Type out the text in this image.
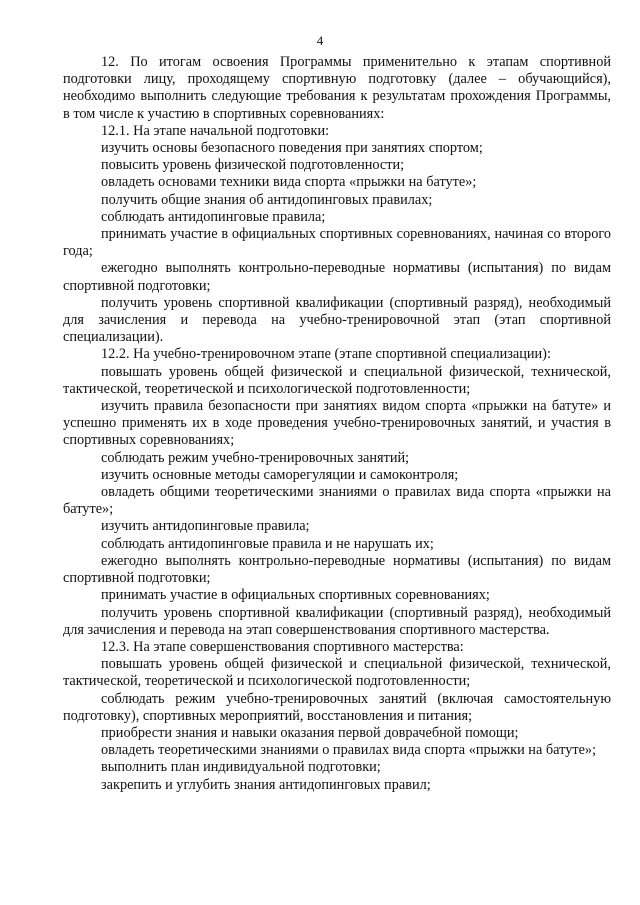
4

12. По итогам освоения Программы применительно к этапам спортивной подготовки лицу, проходящему спортивную подготовку (далее – обучающийся), необходимо выполнить следующие требования к результатам прохождения Программы, в том числе к участию в спортивных соревнованиях:

12.1. На этапе начальной подготовки:

изучить основы безопасного поведения при занятиях спортом;

повысить уровень физической подготовленности;

овладеть основами техники вида спорта «прыжки на батуте»;

получить общие знания об антидопинговых правилах;

соблюдать антидопинговые правила;

принимать участие в официальных спортивных соревнованиях, начиная со второго года;

ежегодно выполнять контрольно-переводные нормативы (испытания) по видам спортивной подготовки;

получить уровень спортивной квалификации (спортивный разряд), необходимый для зачисления и перевода на учебно-тренировочной этап (этап спортивной специализации).

12.2. На учебно-тренировочном этапе (этапе спортивной специализации):

повышать уровень общей физической и специальной физической, технической, тактической, теоретической и психологической подготовленности;

изучить правила безопасности при занятиях видом спорта «прыжки на батуте» и успешно применять их в ходе проведения учебно-тренировочных занятий, и участия в спортивных соревнованиях;

соблюдать режим учебно-тренировочных занятий;

изучить основные методы саморегуляции и самоконтроля;

овладеть общими теоретическими знаниями о правилах вида спорта «прыжки на батуте»;

изучить антидопинговые правила;

соблюдать антидопинговые правила и не нарушать их;

ежегодно выполнять контрольно-переводные нормативы (испытания) по видам спортивной подготовки;

принимать участие в официальных спортивных соревнованиях;

получить уровень спортивной квалификации (спортивный разряд), необходимый для зачисления и перевода на этап совершенствования спортивного мастерства.

12.3. На этапе совершенствования спортивного мастерства:

повышать уровень общей физической и специальной физической, технической, тактической, теоретической и психологической подготовленности;

соблюдать режим учебно-тренировочных занятий (включая самостоятельную подготовку), спортивных мероприятий, восстановления и питания;

приобрести знания и навыки оказания первой доврачебной помощи;

овладеть теоретическими знаниями о правилах вида спорта «прыжки на батуте»;

выполнить план индивидуальной подготовки;

закрепить и углубить знания антидопинговых правил;
